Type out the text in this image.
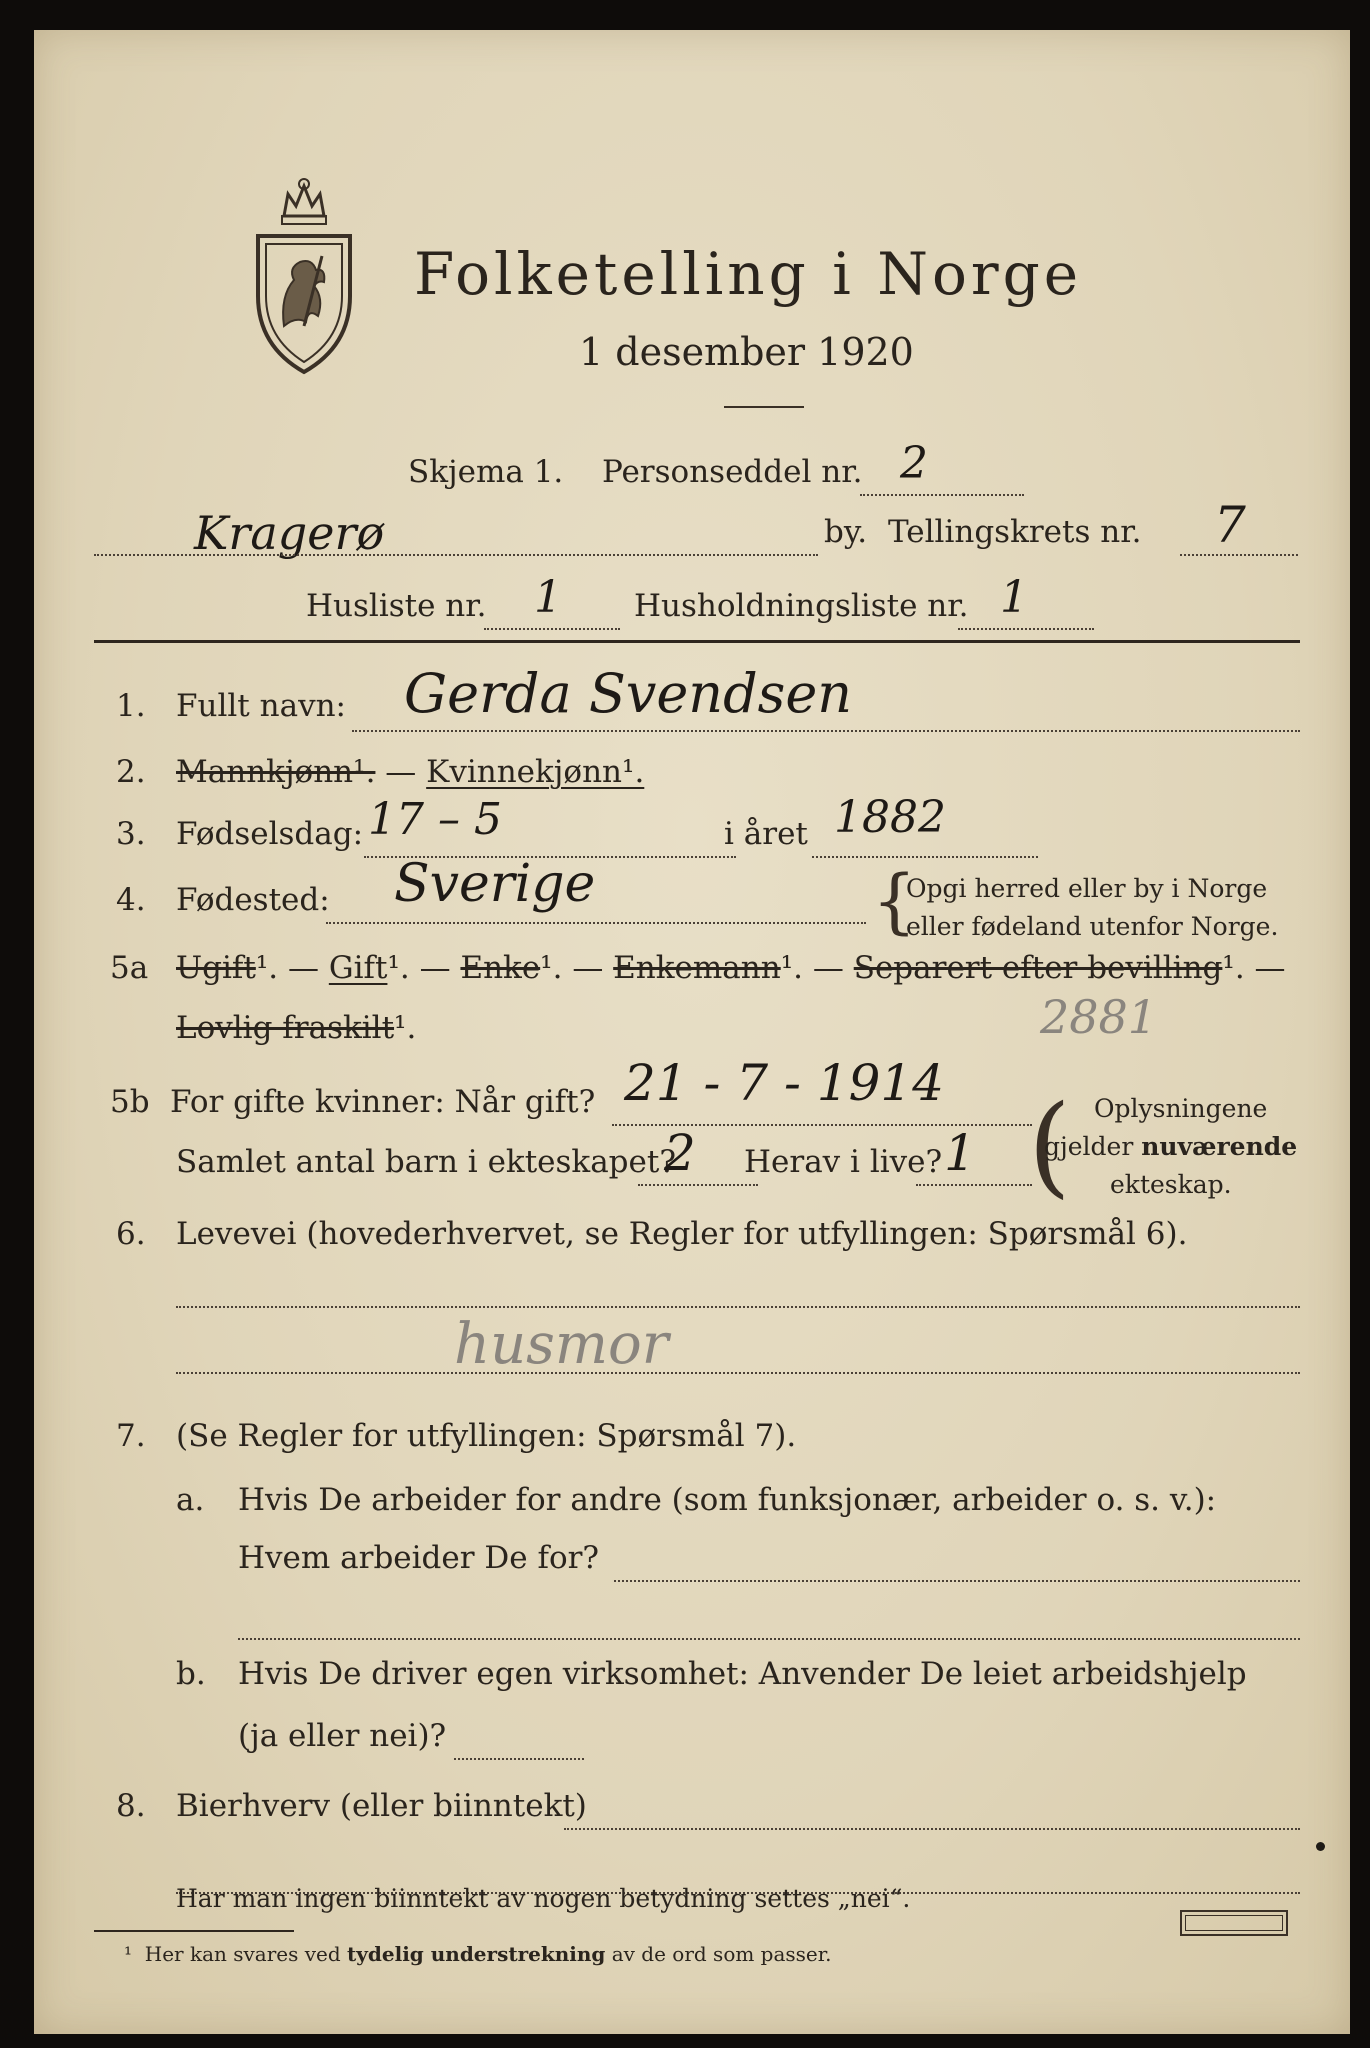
Folketelling i Norge
1 desember 1920
Skjema 1. Personseddel nr. 2
Kragerø	by. Tellingskrets nr. 7
Husliste nr. 1 Husholdningsliste nr. 1
1. Fullt navn: Gerda Svendsen
2. Mannkjønn¹. — Kvinnekjønn¹.
3. Fødselsdag: 17 – 5	i året 1882
4. Fødested: Sverige	{
Opgi herred eller by i Norge
eller fødeland utenfor Norge.
5a Ugift¹. — Gift¹. — Enke¹. — Enkemann¹. — Separert efter bevilling¹. —
Lovlig fraskilt¹.	2881
5b For gifte kvinner: Når gift? 21 - 7 - 1914
Samlet antal barn i ekteskapet?
2 Herav i live? 1 ( Oplysningene
gjelder nuværende
ekteskap.
6. Levevei (hovederhvervet, se Regler for utfyllingen: Spørsmål 6).
husmor
7. (Se Regler for utfyllingen: Spørsmål 7).
a. Hvis De arbeider for andre (som funksjonær, arbeider o. s. v.):
Hvem arbeider De for?
b. Hvis De driver egen virksomhet: Anvender De leiet arbeidshjelp
(ja eller nei)?
8. Bierhverv (eller biinntekt)
Har man ingen biinntekt av nogen betydning settes „nei“.
¹ Her kan svares ved tydelig understrekning av de ord som passer.
